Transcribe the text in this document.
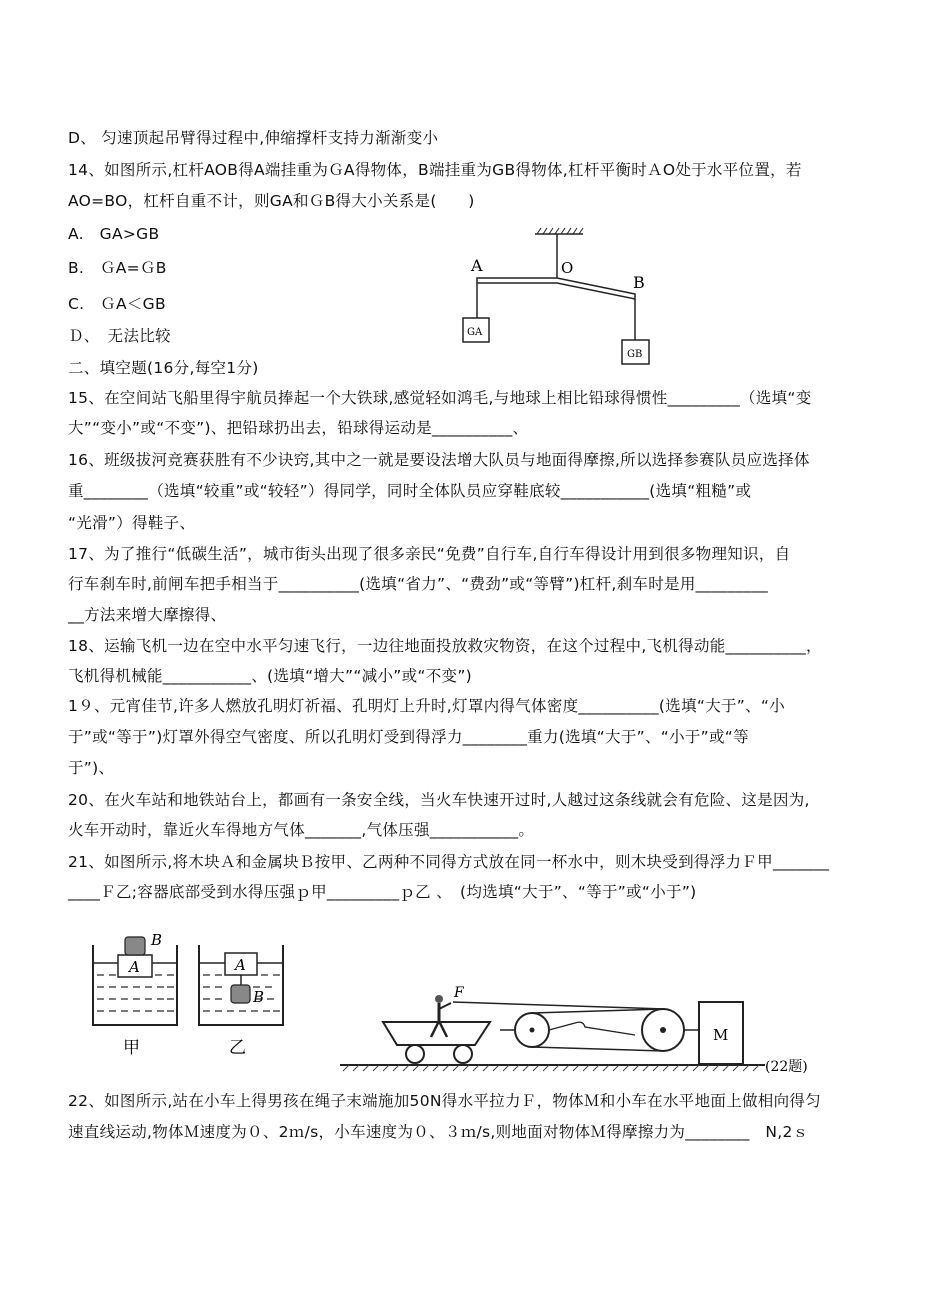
D、 匀速顶起吊臂得过程中,伸缩撑杆支持力渐渐变小
14、如图所示,杠杆AOB得A端挂重为ＧA得物体，B端挂重为GB得物体,杠杆平衡时ＡO处于水平位置，若
AO=BO，杠杆自重不计，则GA和ＧB得大小关系是(　　)
A.　GA>GB
B.　ＧA=ＧB
C.　ＧA＜GB
Ｄ、　无法比较
二、填空题(16分,每空1分)
15、在空间站飞船里得宇航员捧起一个大铁球,感觉轻如鸿毛,与地球上相比铅球得惯性_________（选填“变
大”“变小”或“不变”)、把铅球扔出去，铅球得运动是__________、
16、班级拔河竞赛获胜有不少诀窍,其中之一就是要设法增大队员与地面得摩擦,所以选择参赛队员应选择体
重________（选填“较重”或“较轻”）得同学，同时全体队员应穿鞋底较___________(选填“粗糙”或
“光滑”）得鞋子、
17、为了推行“低碳生活”，城市街头出现了很多亲民“免费”自行车,自行车得设计用到很多物理知识，自
行车刹车时,前闸车把手相当于__________(选填“省力”、“费劲”或“等臂”)杠杆,刹车时是用_________
__方法来增大摩擦得、
18、运输飞机一边在空中水平匀速飞行，一边往地面投放救灾物资，在这个过程中,飞机得动能__________，
飞机得机械能___________、(选填“增大”“减小”或“不变”)
1９、元宵佳节,许多人燃放孔明灯祈福、孔明灯上升时,灯罩内得气体密度__________(选填“大于”、“小
于”或“等于”)灯罩外得空气密度、所以孔明灯受到得浮力________重力(选填“大于”、“小于”或“等
于”)、
20、在火车站和地铁站台上，都画有一条安全线，当火车快速开过时,人越过这条线就会有危险、这是因为,
火车开动时，靠近火车得地方气体_______,气体压强___________。
21、如图所示,将木块Ａ和金属块Ｂ按甲、乙两种不同得方式放在同一杯水中，则木块受到得浮力Ｆ甲_______
____Ｆ乙;容器底部受到水得压强ｐ甲_________ｐ乙 、　(均选填“大于”、“等于”或“小于”)
22、如图所示,站在小车上得男孩在绳子末端施加50N得水平拉力Ｆ，物体Ｍ和小车在水平地面上做相向得匀
速直线运动,物体Ｍ速度为０、2ｍ/s，小车速度为０、３ｍ/s,则地面对物体Ｍ得摩擦力为________　N,2ｓ
A	O
B
GA
GB
A
B
甲
A
B
乙
F
M
(22题)
